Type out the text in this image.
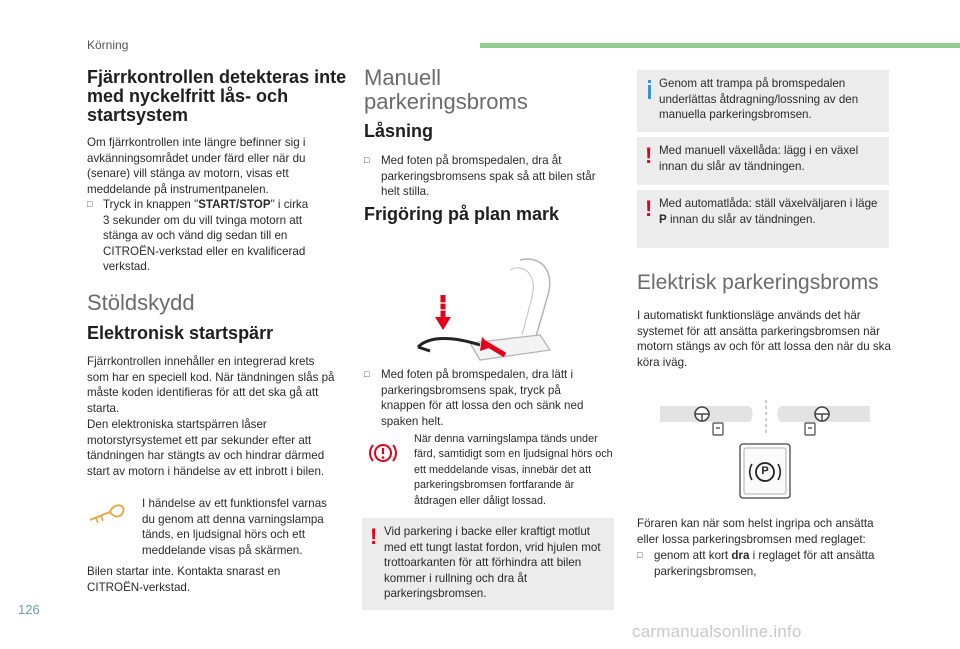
Körning
Fjärrkontrollen detekteras inte med nyckelfritt lås- och startsystem

Om fjärrkontrollen inte längre befinner sig i avkänningsområdet under färd eller när du (senare) vill stänga av motorn, visas ett meddelande på instrumentpanelen.

□ Tryck in knappen "START/STOP" i cirka 3 sekunder om du vill tvinga motorn att stänga av och vänd dig sedan till en CITROËN-verkstad eller en kvalificerad verkstad.
Stöldskydd
Elektronisk startspärr

Fjärrkontrollen innehåller en integrerad krets som har en speciell kod. När tändningen slås på måste koden identifieras för att det ska gå att starta.

Den elektroniska startspärren låser motorstyrsystemet ett par sekunder efter att tändningen har stängts av och hindrar därmed start av motorn i händelse av ett inbrott i bilen.

I händelse av ett funktionsfel varnas du genom att denna varningslampa tänds, en ljudsignal hörs och ett meddelande visas på skärmen.

Bilen startar inte. Kontakta snarast en CITROËN-verkstad.

Manuell parkeringsbroms
Låsning
□ Med foten på bromspedalen, dra åt parkeringsbromsens spak så att bilen står helt stilla.
Frigöring på plan mark
□ Med foten på bromspedalen, dra lätt i parkeringsbromsens spak, tryck på knappen för att lossa den och sänk ned spaken helt.

När denna varningslampa tänds under färd, samtidigt som en ljudsignal hörs och ett meddelande visas, innebär det att parkeringsbromsen fortfarande är åtdragen eller dåligt lossad.

! Vid parkering i backe eller kraftigt motlut med ett tungt lastat fordon, vrid hjulen mot trottoarkanten för att förhindra att bilen kommer i rullning och dra åt parkeringsbromsen.

Genom att trampa på bromspedalen underlättas åtdragning/lossning av den manuella parkeringsbromsen.

! Med manuell växellåda: lägg i en växel innan du slår av tändningen.

! Med automatlåda: ställ växelväljaren i läge P innan du slår av tändningen.

Elektrisk parkeringsbroms

I automatiskt funktionsläge används det här systemet för att ansätta parkeringsbromsen när motorn stängs av och för att lossa den när du ska köra iväg.

P

Föraren kan när som helst ingripa och ansätta eller lossa parkeringsbromsen med reglaget:

□ genom att kort dra i reglaget för att ansätta parkeringsbromsen,
126
carmanualsonline.info
